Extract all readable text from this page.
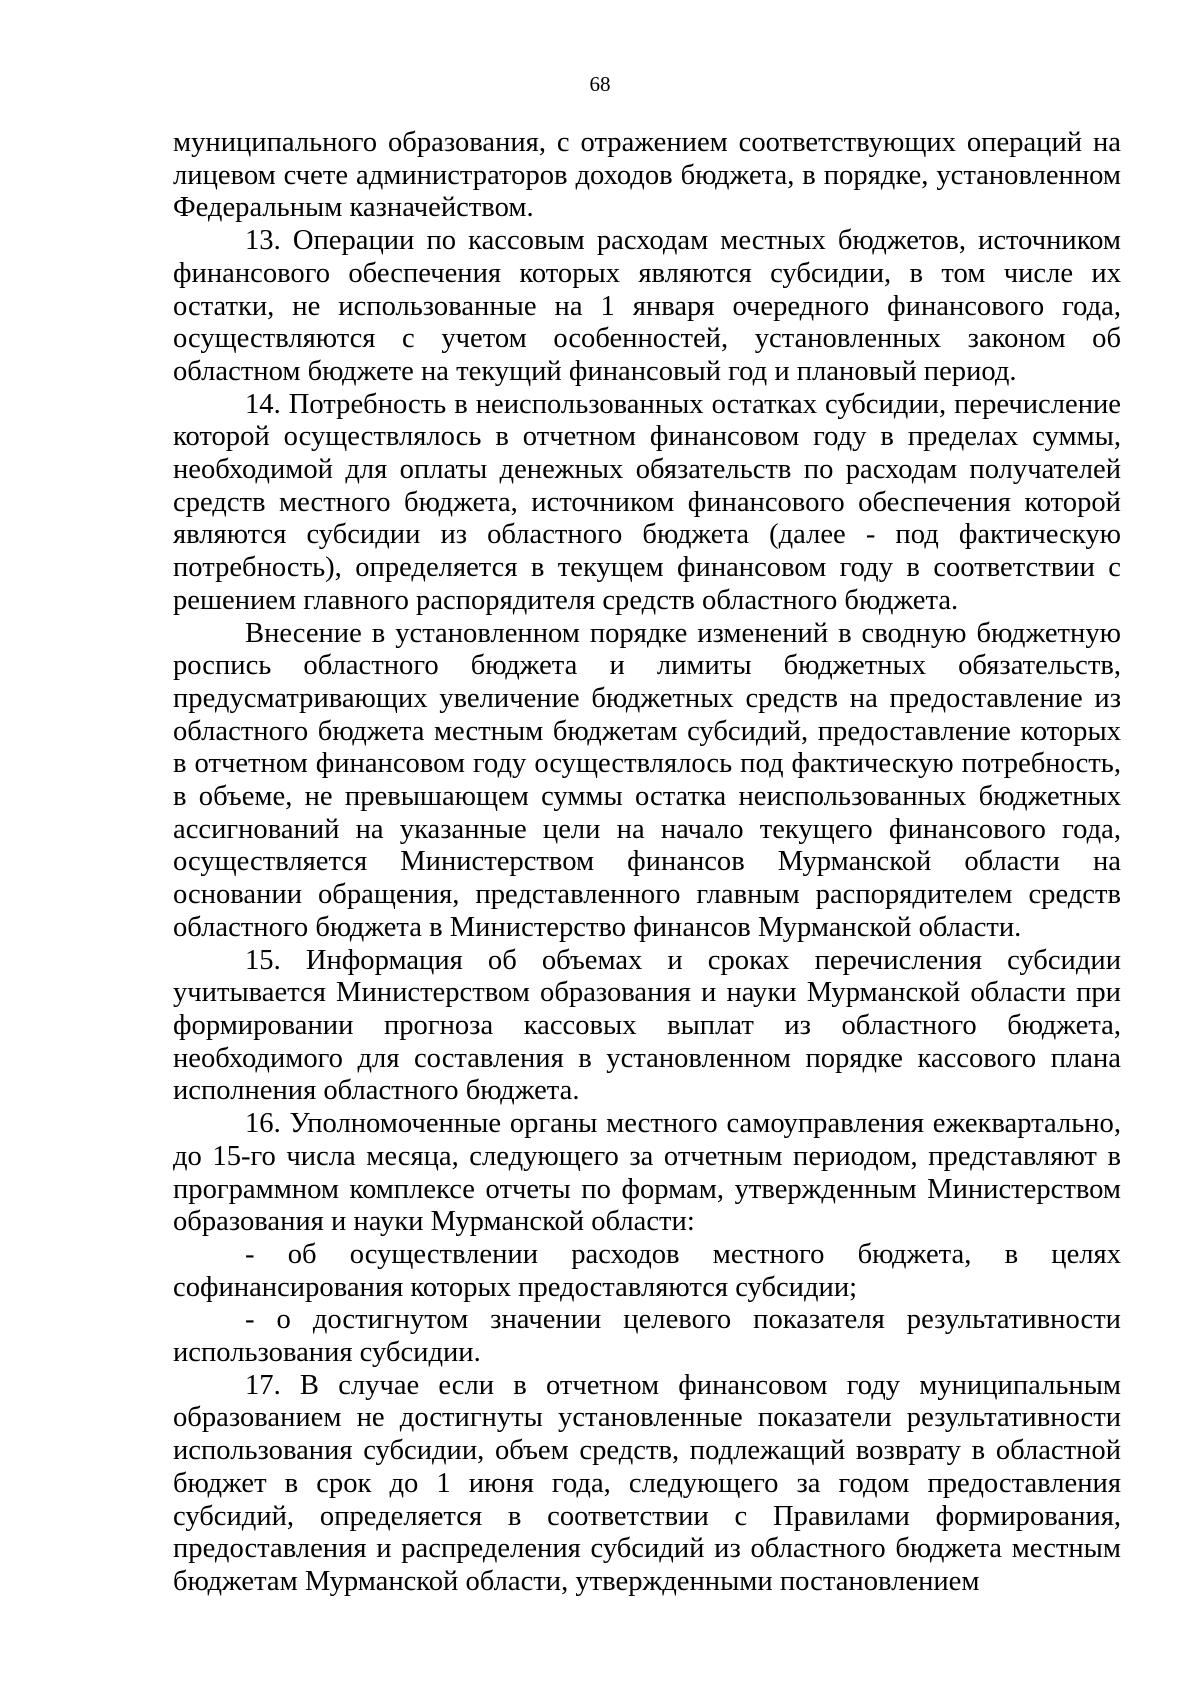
68

муниципального образования, с отражением соответствующих операций на лицевом счете администраторов доходов бюджета, в порядке, установленном Федеральным казначейством.

13. Операции по кассовым расходам местных бюджетов, источником финансового обеспечения которых являются субсидии, в том числе их остатки, не использованные на 1 января очередного финансового года, осуществляются с учетом особенностей, установленных законом об областном бюджете на текущий финансовый год и плановый период.

14. Потребность в неиспользованных остатках субсидии, перечисление которой осуществлялось в отчетном финансовом году в пределах суммы, необходимой для оплаты денежных обязательств по расходам получателей средств местного бюджета, источником финансового обеспечения которой являются субсидии из областного бюджета (далее - под фактическую потребность), определяется в текущем финансовом году в соответствии с решением главного распорядителя средств областного бюджета.

Внесение в установленном порядке изменений в сводную бюджетную роспись областного бюджета и лимиты бюджетных обязательств, предусматривающих увеличение бюджетных средств на предоставление из областного бюджета местным бюджетам субсидий, предоставление которых в отчетном финансовом году осуществлялось под фактическую потребность, в объеме, не превышающем суммы остатка неиспользованных бюджетных ассигнований на указанные цели на начало текущего финансового года, осуществляется Министерством финансов Мурманской области на основании обращения, представленного главным распорядителем средств областного бюджета в Министерство финансов Мурманской области.

15. Информация об объемах и сроках перечисления субсидии учитывается Министерством образования и науки Мурманской области при формировании прогноза кассовых выплат из областного бюджета, необходимого для составления в установленном порядке кассового плана исполнения областного бюджета.

16. Уполномоченные органы местного самоуправления ежеквартально, до 15-го числа месяца, следующего за отчетным периодом, представляют в программном комплексе отчеты по формам, утвержденным Министерством образования и науки Мурманской области:

- об осуществлении расходов местного бюджета, в целях софинансирования которых предоставляются субсидии;

- о достигнутом значении целевого показателя результативности использования субсидии.

17. В случае если в отчетном финансовом году муниципальным образованием не достигнуты установленные показатели результативности использования субсидии, объем средств, подлежащий возврату в областной бюджет в срок до 1 июня года, следующего за годом предоставления субсидий, определяется в соответствии с Правилами формирования, предоставления и распределения субсидий из областного бюджета местным бюджетам Мурманской области, утвержденными постановлением
